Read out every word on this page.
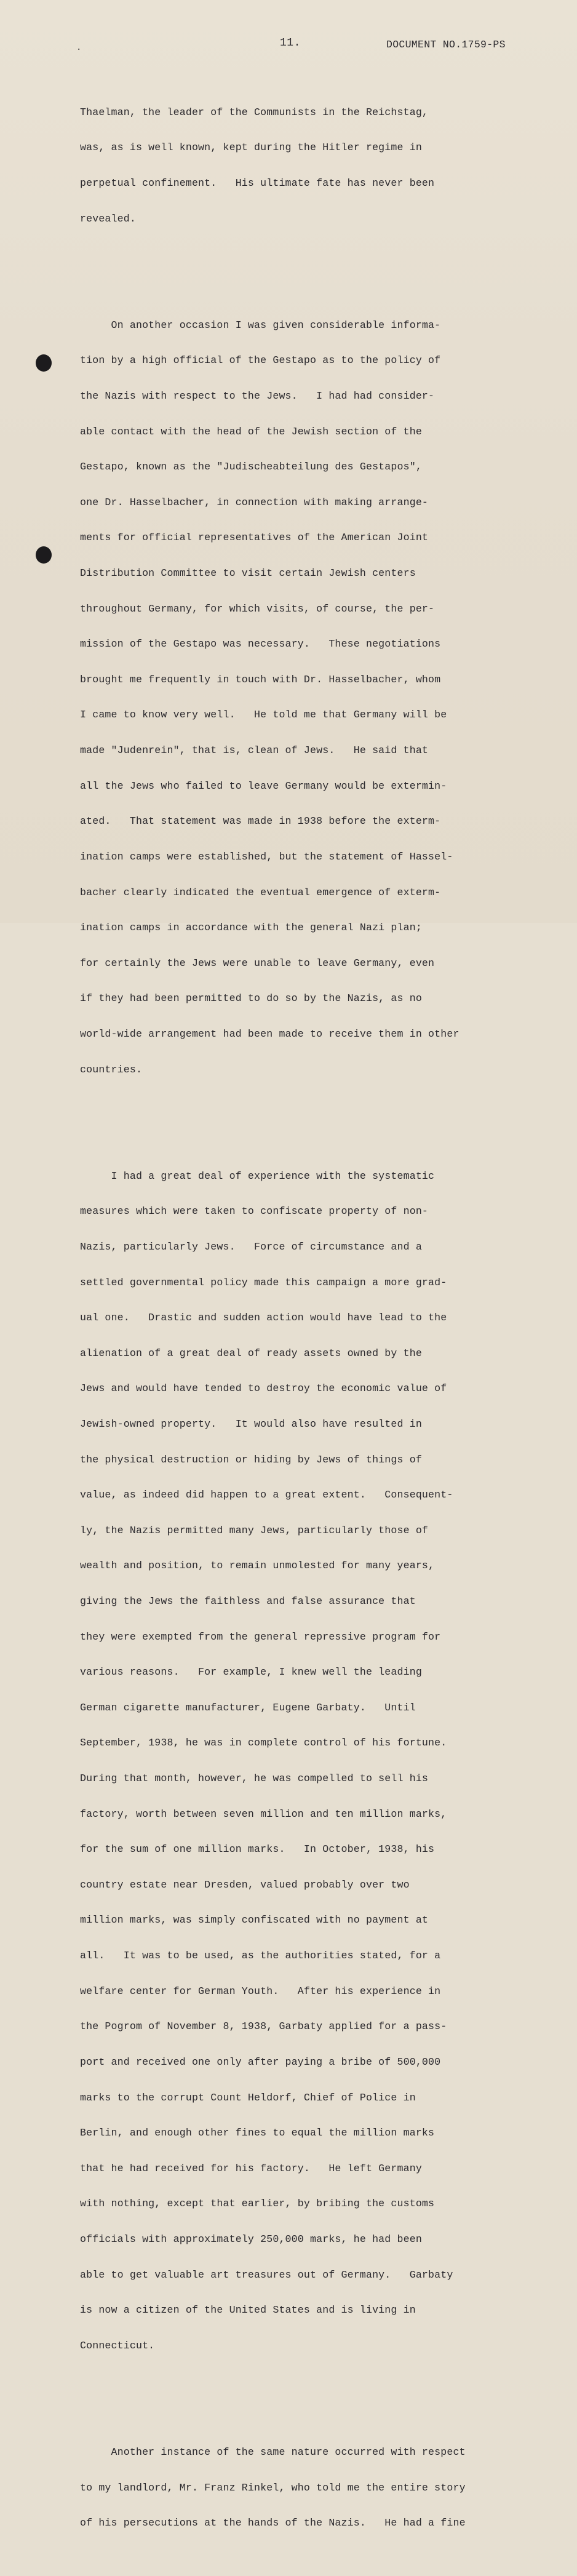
.	11.	DOCUMENT NO.1759-PS

Thaelman, the leader of the Communists in the Reichstag,

was, as is well known, kept during the Hitler regime in

perpetual confinement.   His ultimate fate has never been

revealed.

On another occasion I was given considerable informa-

tion by a high official of the Gestapo as to the policy of

the Nazis with respect to the Jews.   I had had consider-

able contact with the head of the Jewish section of the

Gestapo, known as the "Judischeabteilung des Gestapos",

one Dr. Hasselbacher, in connection with making arrange-

ments for official representatives of the American Joint

Distribution Committee to visit certain Jewish centers

throughout Germany, for which visits, of course, the per-

mission of the Gestapo was necessary.   These negotiations

brought me frequently in touch with Dr. Hasselbacher, whom

I came to know very well.   He told me that Germany will be

made "Judenrein", that is, clean of Jews.   He said that

all the Jews who failed to leave Germany would be extermin-

ated.   That statement was made in 1938 before the exterm-

ination camps were established, but the statement of Hassel-

bacher clearly indicated the eventual emergence of exterm-

ination camps in accordance with the general Nazi plan;

for certainly the Jews were unable to leave Germany, even

if they had been permitted to do so by the Nazis, as no

world-wide arrangement had been made to receive them in other

countries.

I had a great deal of experience with the systematic

measures which were taken to confiscate property of non-

Nazis, particularly Jews.   Force of circumstance and a

settled governmental policy made this campaign a more grad-

ual one.   Drastic and sudden action would have lead to the

alienation of a great deal of ready assets owned by the

Jews and would have tended to destroy the economic value of

Jewish-owned property.   It would also have resulted in

the physical destruction or hiding by Jews of things of

value, as indeed did happen to a great extent.   Consequent-

ly, the Nazis permitted many Jews, particularly those of

wealth and position, to remain unmolested for many years,

giving the Jews the faithless and false assurance that

they were exempted from the general repressive program for

various reasons.   For example, I knew well the leading

German cigarette manufacturer, Eugene Garbaty.   Until

September, 1938, he was in complete control of his fortune.

During that month, however, he was compelled to sell his

factory, worth between seven million and ten million marks,

for the sum of one million marks.   In October, 1938, his

country estate near Dresden, valued probably over two

million marks, was simply confiscated with no payment at

all.   It was to be used, as the authorities stated, for a

welfare center for German Youth.   After his experience in

the Pogrom of November 8, 1938, Garbaty applied for a pass-

port and received one only after paying a bribe of 500,000

marks to the corrupt Count Heldorf, Chief of Police in

Berlin, and enough other fines to equal the million marks

that he had received for his factory.   He left Germany

with nothing, except that earlier, by bribing the customs

officials with approximately 250,000 marks, he had been

able to get valuable art treasures out of Germany.   Garbaty

is now a citizen of the United States and is living in

Connecticut.

Another instance of the same nature occurred with respect

to my landlord, Mr. Franz Rinkel, who told me the entire story

of his persecutions at the hands of the Nazis.   He had a fine
